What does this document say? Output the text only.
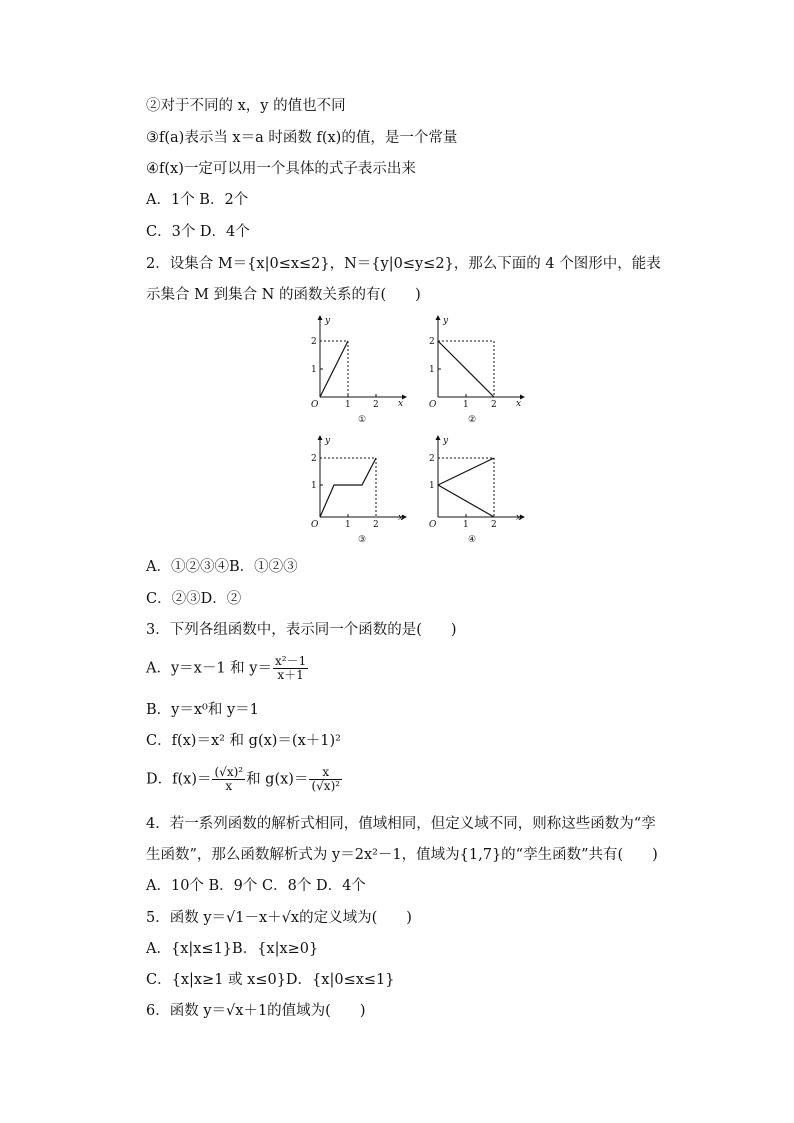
②对于不同的 x，y 的值也不同
③f(a)表示当 x＝a 时函数 f(x)的值，是一个常量
④f(x)一定可以用一个具体的式子表示出来
A．1个 B．2个
C．3个 D．4个
2．设集合 M＝{x|0≤x≤2}，N＝{y|0≤y≤2}，那么下面的 4 个图形中，能表
示集合 M 到集合 N 的函数关系的有(　　)
y
x
O	1 2
1
2
①
y
x
O	1 2
1
2
②
y
x
O	1 2
1
2
③
y
x
O	1 2
1
2
④
A．①②③④B．①②③
C．②③D．②
3．下列各组函数中，表示同一个函数的是(　　)
A．y＝x－1 和 $y= \frac{\text{x²－1}}{x+1}$
B．y＝x⁰和 y＝1
C．f(x)＝x² 和 g(x)＝(x＋1)²
D．$f(x)= \frac{\text{(√x)²}}{x}$ 和 $g(x)= \frac{x}{\text{(√x)²}}$
4．若一系列函数的解析式相同，值域相同，但定义域不同，则称这些函数为“孪
生函数”，那么函数解析式为 y＝2x²－1，值域为{1,7}的“孪生函数”共有(　　)
A．10个 B．9个 C．8个 D．4个
5．函数 y＝√1－x＋√x的定义域为(　　)
A．{x|x≤1}B．{x|x≥0}
C．{x|x≥1 或 x≤0}D．{x|0≤x≤1}
6．函数 y＝√x＋1的值域为(　　)
